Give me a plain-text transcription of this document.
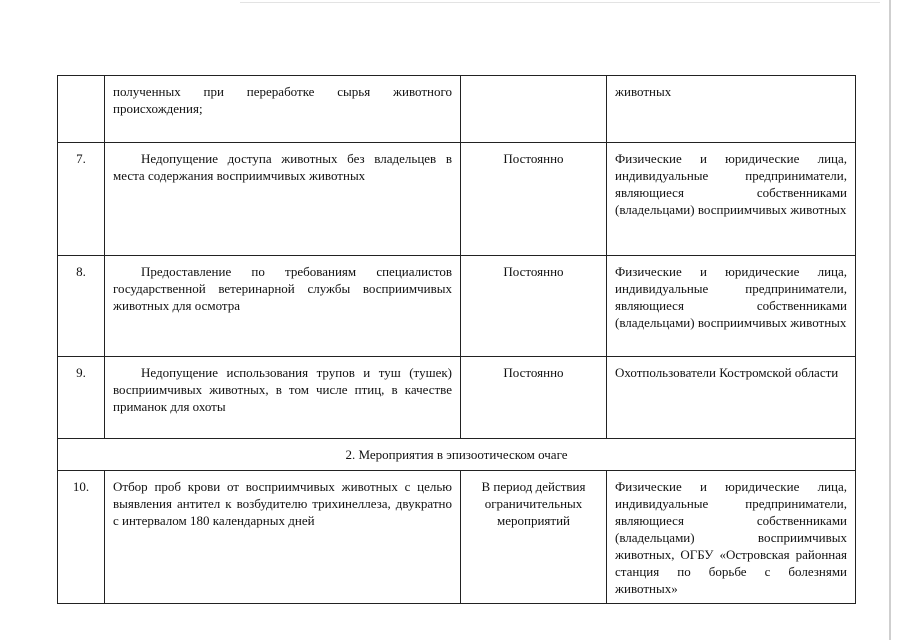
	полученных при переработке сырья животного происхождения;		животных
7.	Недопущение доступа животных без владельцев в места содержания восприимчивых животных	Постоянно	Физические и юридические лица, индивидуальные предприниматели, являющиеся собственниками (владельцами) восприимчивых животных
8.	Предоставление по требованиям специалистов государственной ветеринарной службы восприимчивых животных для осмотра	Постоянно	Физические и юридические лица, индивидуальные предприниматели, являющиеся собственниками (владельцами) восприимчивых животных
9.	Недопущение использования трупов и туш (тушек) восприимчивых животных, в том числе птиц, в качестве приманок для охоты	Постоянно	Охотпользователи Костромской области
2. Мероприятия в эпизоотическом очаге			
10.	Отбор проб крови от восприимчивых животных с целью выявления антител к возбудителю трихинеллеза, двукратно с интервалом 180 календарных дней	В период действия ограничительных мероприятий	Физические и юридические лица, индивидуальные предприниматели, являющиеся собственниками (владельцами) восприимчивых животных, ОГБУ «Островская районная станция по борьбе с болезнями животных»
